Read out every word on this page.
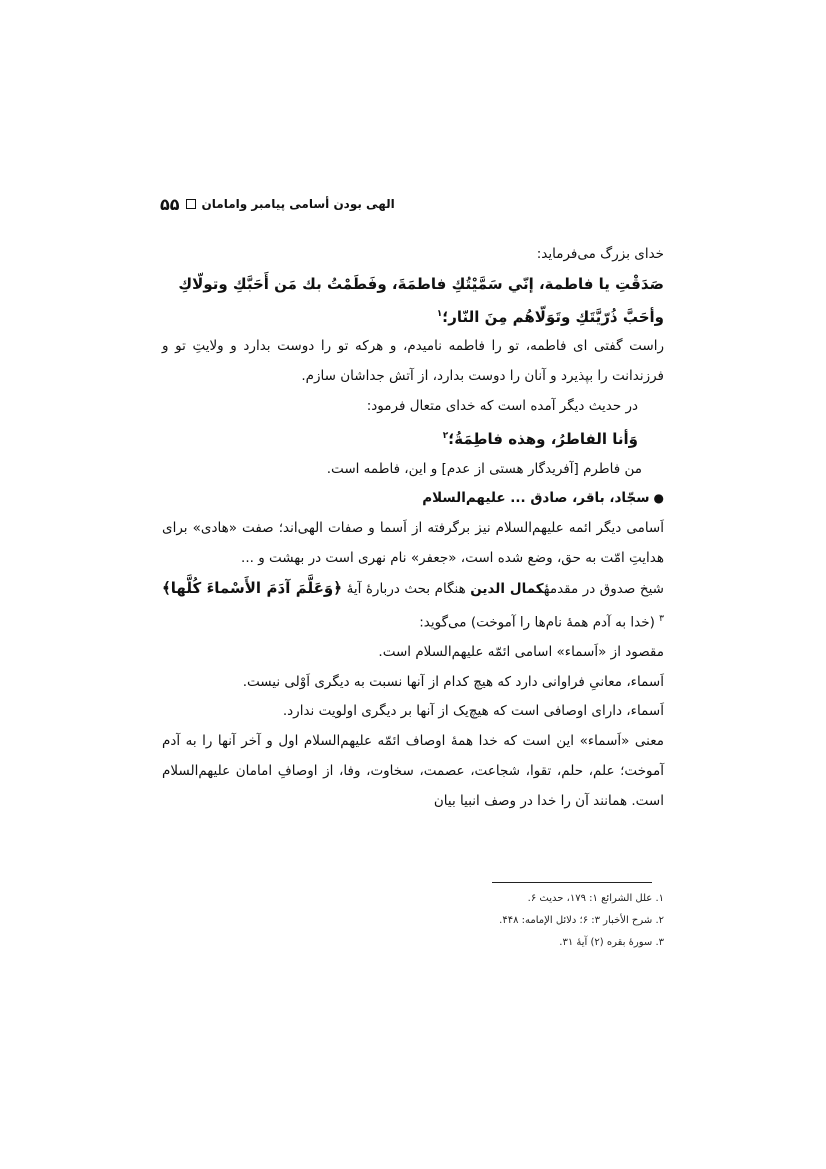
۵۵ الهی بودن أسامی پیامبر وامامان

خدای بزرگ می‌فرماید:

صَدَقْتِ يا فاطمة، إنّي سَمَّيْتُكِ فاطمَةَ، وفَطَمْتُ بك مَن أَحَبَّكِ وتولّاكِ

وأحَبَّ ذُرّيَّتَكِ وتَوَلّاهُم مِنَ النّار؛$^۱$

راست گفتی ای فاطمه، تو را فاطمه نامیدم، و هرکه تو را دوست بدارد و ولایتِ تو و فرزندانت را بپذیرد و آنان را دوست بدارد، از آتش جداشان سازم.

در حدیث دیگر آمده است که خدای متعال فرمود:

وَأنا الفاطرُ، وهذه فاطِمَةُ؛$^۲$

من فاطرم [آفریدگار هستی از عدم] و این، فاطمه است.

●سجّاد، باقر، صادق ... علیهم‌السلام

اَسامی دیگر ائمه علیهم‌السلام نیز برگرفته از اَسما و صفات الهی‌اند؛ صفت «هادی» برای هدایتِ امّت به حق، وضع شده است، «جعفر» نام نهری است در بهشت و ...

شیخ صدوق در مقدمهٔکمال الدین هنگام بحث دربارهٔ آیهٔ ﴿وَعَلَّمَ آدَمَ الأَسْماءَ كُلَّها﴾$^۳$ (خدا به آدم همهٔ نام‌ها را آموخت) می‌گوید:

مقصود از «اَسماء» اسامی ائمّه علیهم‌السلام است.

اَسماء، معانیِ فراوانی دارد که هیچ کدام از آنها نسبت به دیگری اَوْلی نیست.

اَسماء، دارای اوصافی است که هیچ‌یک از آنها بر دیگری اولویت ندارد.

معنی «اَسماء» این است که خدا همهٔ اوصاف ائمّه علیهم‌السلام اول و آخر آنها را به آدم آموخت؛ علم، حلم، تقوا، شجاعت، عصمت، سخاوت، وفا، از اوصافِ امامان علیهم‌السلام است. همانند آن را خدا در وصف انبیا بیان

۱. علل الشرائع ۱: ۱۷۹، حدیث ۶.

۲. شرح الأخبار ۳: ۶؛ دلائل الإمامه: ۴۴۸.

۳. سورهٔ بقره (۲) آیهٔ ۳۱.
